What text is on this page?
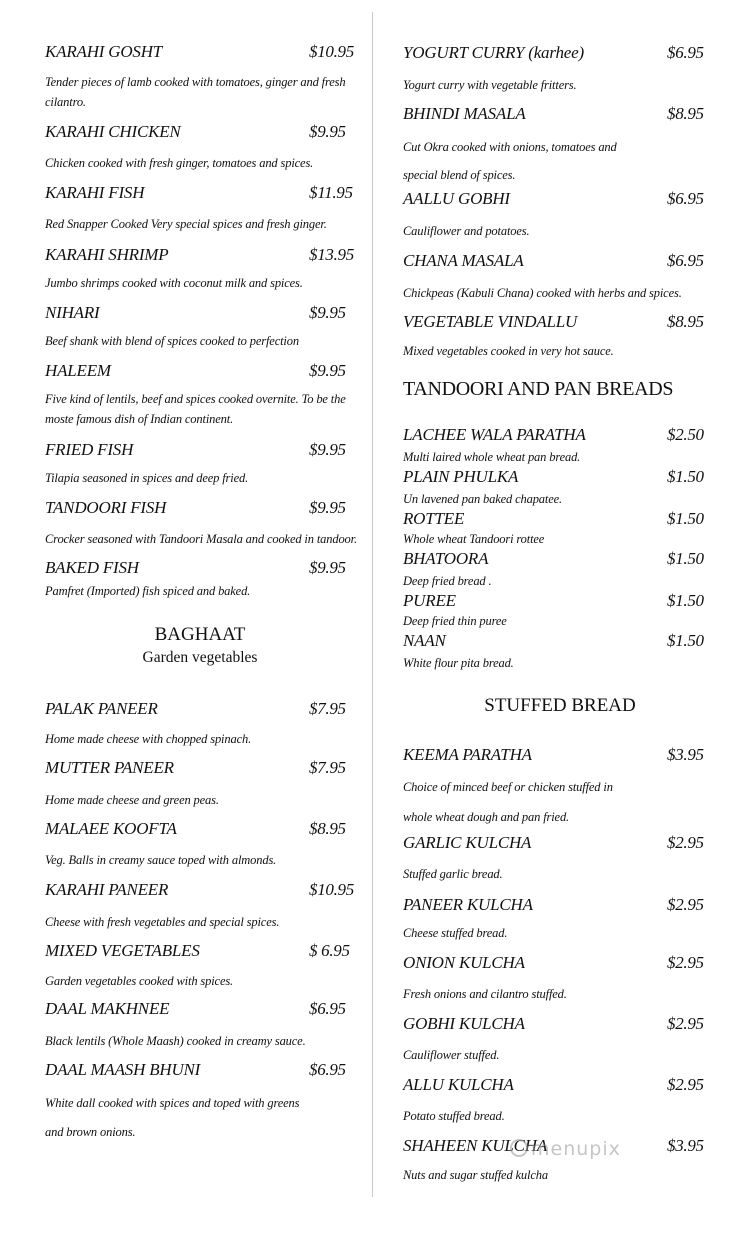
KARAHI GOSHT	$10.95
Tender pieces of lamb cooked with tomatoes, ginger and fresh cilantro.
KARAHI CHICKEN	$9.95
Chicken cooked with fresh ginger, tomatoes and spices.
KARAHI FISH	$11.95
Red Snapper Cooked Very special spices and fresh ginger.
KARAHI SHRIMP	$13.95
Jumbo shrimps cooked with coconut milk and spices.
NIHARI	$9.95
Beef shank with blend of spices cooked to perfection
HALEEM	$9.95
Five kind of lentils, beef and spices cooked overnite. To be the moste famous dish of Indian continent.
FRIED FISH	$9.95
Tilapia seasoned in spices and deep fried.
TANDOORI FISH	$9.95
Crocker seasoned with Tandoori Masala and cooked in tandoor.
BAKED FISH	$9.95
Pamfret (Imported) fish spiced and baked.
BAGHAAT
Garden vegetables
PALAK PANEER	$7.95
Home made cheese with chopped spinach.
MUTTER PANEER	$7.95
Home made cheese and green peas.
MALAEE KOOFTA	$8.95
Veg. Balls in creamy sauce toped with almonds.
KARAHI PANEER	$10.95
Cheese with fresh vegetables and special spices.
MIXED VEGETABLES	$ 6.95
Garden vegetables cooked with spices.
DAAL MAKHNEE	$6.95
Black lentils (Whole Maash) cooked in creamy sauce.
DAAL MAASH BHUNI	$6.95
White dall cooked with spices and toped with greens and brown onions.
YOGURT CURRY (karhee)	$6.95
Yogurt curry with vegetable fritters.
BHINDI MASALA	$8.95
Cut Okra cooked with onions, tomatoes and special blend of spices.
AALLU GOBHI	$6.95
Cauliflower and potatoes.
CHANA MASALA	$6.95
Chickpeas (Kabuli Chana) cooked with herbs and spices.
VEGETABLE VINDALLU	$8.95
Mixed vegetables cooked in very hot sauce.
TANDOORI AND PAN BREADS
LACHEE WALA PARATHA	$2.50
Multi laired whole wheat pan bread.
PLAIN PHULKA	$1.50
Un lavened pan baked chapatee.
ROTTEE	$1.50
Whole wheat Tandoori rottee
BHATOORA	$1.50
Deep fried bread .
PUREE	$1.50
Deep fried thin puree
NAAN	$1.50
White flour pita bread.
STUFFED BREAD
KEEMA PARATHA	$3.95
Choice of minced beef or chicken stuffed in whole wheat dough and pan fried.
GARLIC KULCHA	$2.95
Stuffed garlic bread.
PANEER KULCHA	$2.95
Cheese stuffed bread.
ONION KULCHA	$2.95
Fresh onions and cilantro stuffed.
GOBHI KULCHA	$2.95
Cauliflower stuffed.
ALLU KULCHA	$2.95
Potato stuffed bread.
SHAHEEN KULCHA	$3.95
Nuts and sugar stuffed kulcha
menupix
